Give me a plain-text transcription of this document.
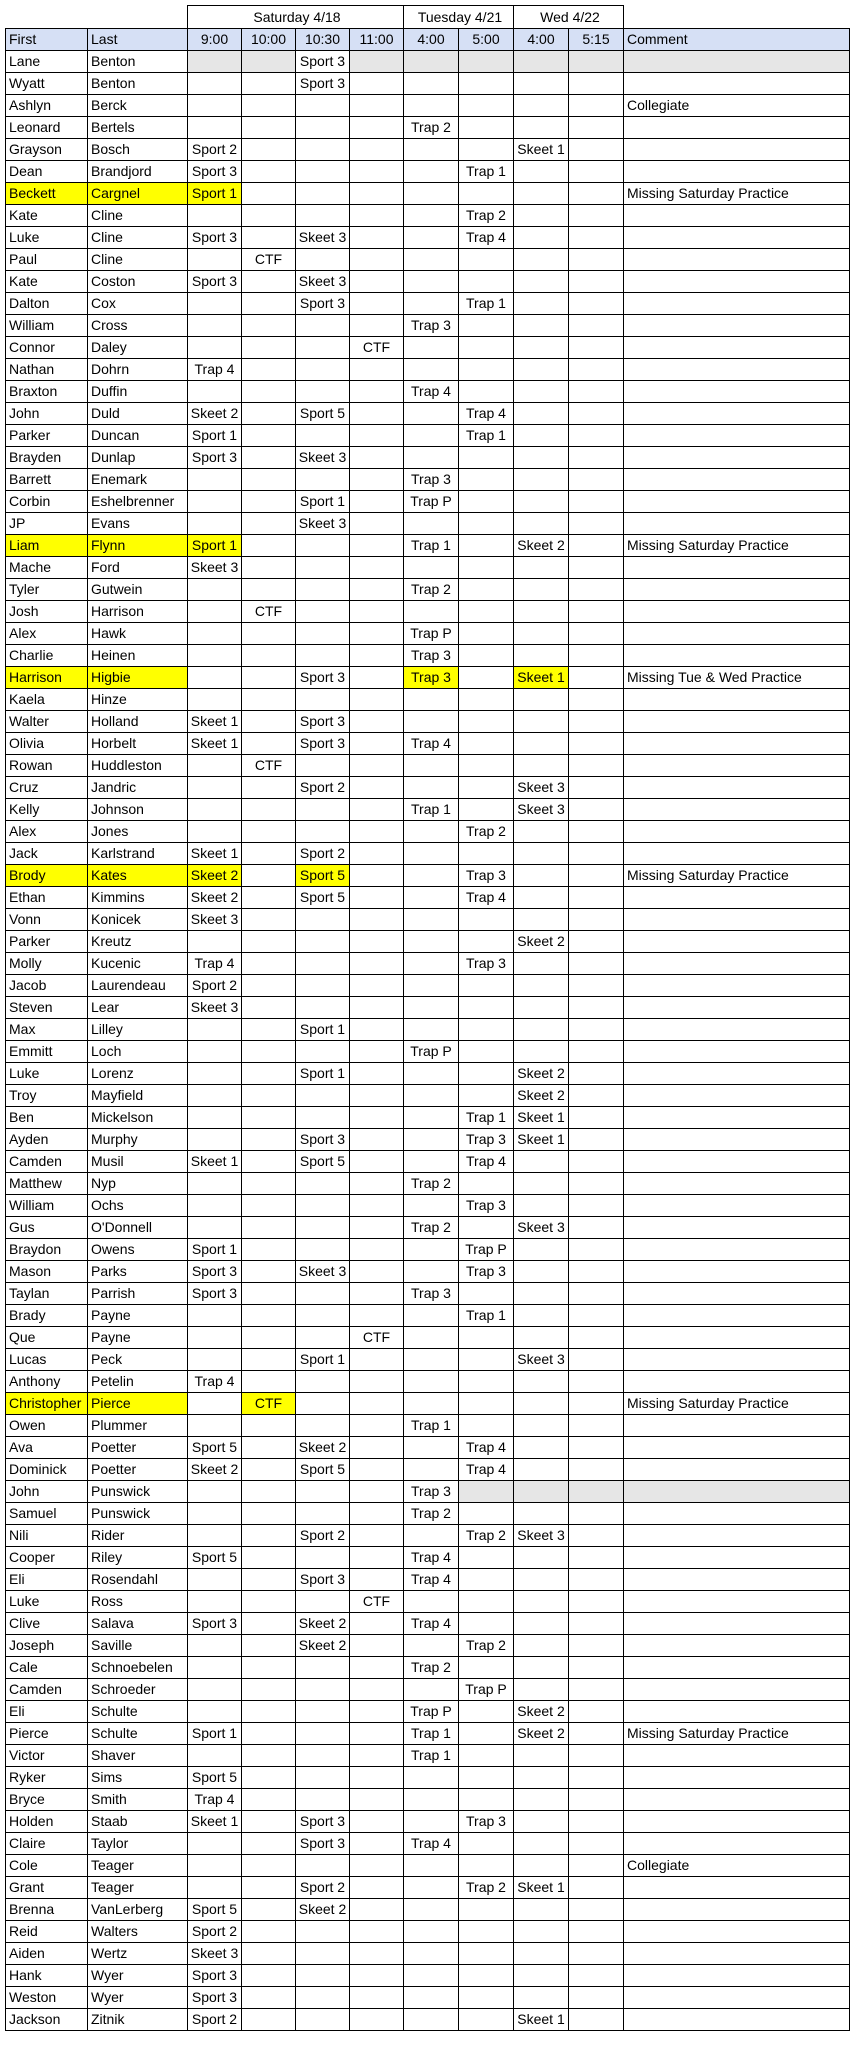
		Saturday 4/18				Tuesday 4/21		Wed 4/22		
First	Last	9:00	10:00	10:30	11:00	4:00	5:00	4:00	5:15	Comment
Lane	Benton			Sport 3						
Wyatt	Benton			Sport 3						
Ashlyn	Berck									Collegiate
Leonard	Bertels					Trap 2				
Grayson	Bosch	Sport 2						Skeet 1		
Dean	Brandjord	Sport 3					Trap 1			
Beckett	Cargnel	Sport 1								Missing Saturday Practice
Kate	Cline						Trap 2			
Luke	Cline	Sport 3		Skeet 3			Trap 4			
Paul	Cline		CTF							
Kate	Coston	Sport 3		Skeet 3						
Dalton	Cox			Sport 3			Trap 1			
William	Cross					Trap 3				
Connor	Daley				CTF					
Nathan	Dohrn	Trap 4								
Braxton	Duffin					Trap 4				
John	Duld	Skeet 2		Sport 5			Trap 4			
Parker	Duncan	Sport 1					Trap 1			
Brayden	Dunlap	Sport 3		Skeet 3						
Barrett	Enemark					Trap 3				
Corbin	Eshelbrenner			Sport 1		Trap P				
JP	Evans			Skeet 3						
Liam	Flynn	Sport 1				Trap 1		Skeet 2		Missing Saturday Practice
Mache	Ford	Skeet 3								
Tyler	Gutwein					Trap 2				
Josh	Harrison		CTF							
Alex	Hawk					Trap P				
Charlie	Heinen					Trap 3				
Harrison	Higbie			Sport 3		Trap 3		Skeet 1		Missing Tue & Wed Practice
Kaela	Hinze									
Walter	Holland	Skeet 1		Sport 3						
Olivia	Horbelt	Skeet 1		Sport 3		Trap 4				
Rowan	Huddleston		CTF							
Cruz	Jandric			Sport 2				Skeet 3		
Kelly	Johnson					Trap 1		Skeet 3		
Alex	Jones						Trap 2			
Jack	Karlstrand	Skeet 1		Sport 2						
Brody	Kates	Skeet 2		Sport 5			Trap 3			Missing Saturday Practice
Ethan	Kimmins	Skeet 2		Sport 5			Trap 4			
Vonn	Konicek	Skeet 3								
Parker	Kreutz							Skeet 2		
Molly	Kucenic	Trap 4					Trap 3			
Jacob	Laurendeau	Sport 2								
Steven	Lear	Skeet 3								
Max	Lilley			Sport 1						
Emmitt	Loch					Trap P				
Luke	Lorenz			Sport 1				Skeet 2		
Troy	Mayfield							Skeet 2		
Ben	Mickelson						Trap 1	Skeet 1		
Ayden	Murphy			Sport 3			Trap 3	Skeet 1		
Camden	Musil	Skeet 1		Sport 5			Trap 4			
Matthew	Nyp					Trap 2				
William	Ochs						Trap 3			
Gus	O'Donnell					Trap 2		Skeet 3		
Braydon	Owens	Sport 1					Trap P			
Mason	Parks	Sport 3		Skeet 3			Trap 3			
Taylan	Parrish	Sport 3				Trap 3				
Brady	Payne						Trap 1			
Que	Payne				CTF					
Lucas	Peck			Sport 1				Skeet 3		
Anthony	Petelin	Trap 4								
Christopher	Pierce		CTF							Missing Saturday Practice
Owen	Plummer					Trap 1				
Ava	Poetter	Sport 5		Skeet 2			Trap 4			
Dominick	Poetter	Skeet 2		Sport 5			Trap 4			
John	Punswick					Trap 3				
Samuel	Punswick					Trap 2				
Nili	Rider			Sport 2			Trap 2	Skeet 3		
Cooper	Riley	Sport 5				Trap 4				
Eli	Rosendahl			Sport 3		Trap 4				
Luke	Ross				CTF					
Clive	Salava	Sport 3		Skeet 2		Trap 4				
Joseph	Saville			Skeet 2			Trap 2			
Cale	Schnoebelen					Trap 2				
Camden	Schroeder						Trap P			
Eli	Schulte					Trap P		Skeet 2		
Pierce	Schulte	Sport 1				Trap 1		Skeet 2		Missing Saturday Practice
Victor	Shaver					Trap 1				
Ryker	Sims	Sport 5								
Bryce	Smith	Trap 4								
Holden	Staab	Skeet 1		Sport 3			Trap 3			
Claire	Taylor			Sport 3		Trap 4				
Cole	Teager									Collegiate
Grant	Teager			Sport 2			Trap 2	Skeet 1		
Brenna	VanLerberg	Sport 5		Skeet 2						
Reid	Walters	Sport 2								
Aiden	Wertz	Skeet 3								
Hank	Wyer	Sport 3								
Weston	Wyer	Sport 3								
Jackson	Zitnik	Sport 2						Skeet 1		
